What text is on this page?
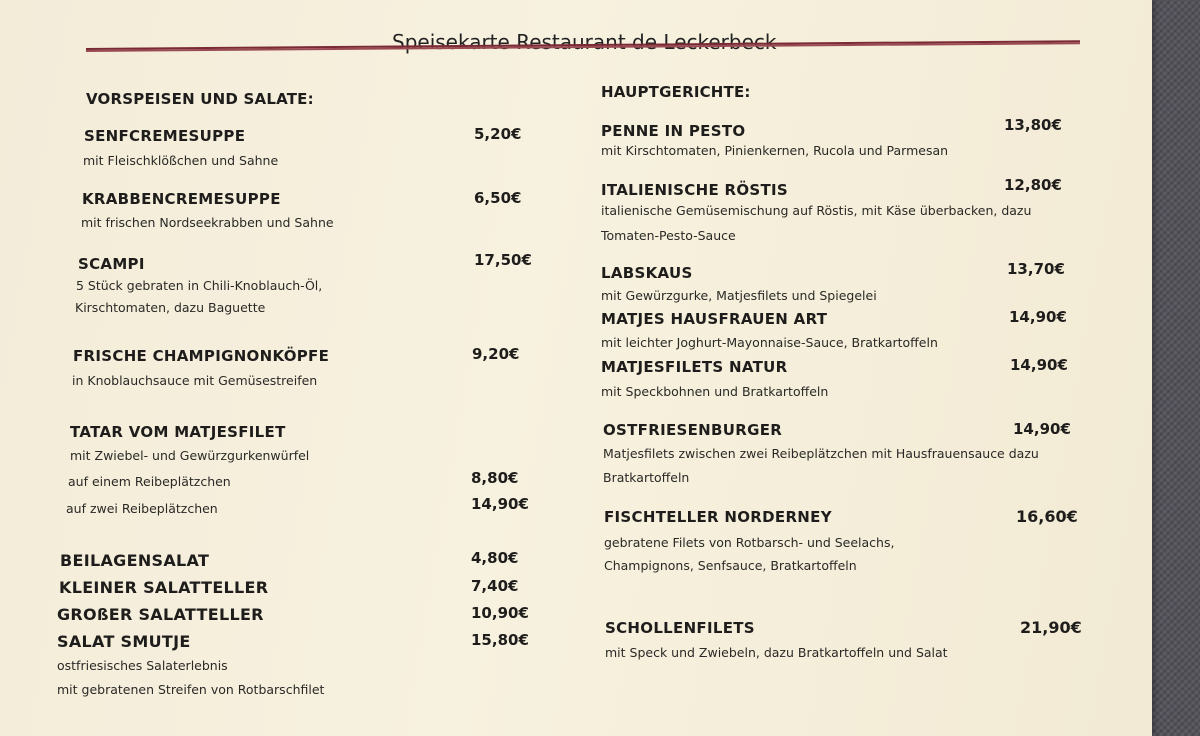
Speisekarte Restaurant de Leckerbeck
VORSPEISEN UND SALATE:
SENFCREMESUPPE	5,20€
mit Fleischklößchen und Sahne
KRABBENCREMESUPPE	6,50€
mit frischen Nordseekrabben und Sahne
SCAMPI	17,50€
5 Stück gebraten in Chili-Knoblauch-Öl,
Kirschtomaten, dazu Baguette
FRISCHE CHAMPIGNONKÖPFE	9,20€
in Knoblauchsauce mit Gemüsestreifen
TATAR VOM MATJESFILET
mit Zwiebel- und Gewürzgurkenwürfel
auf einem Reibeplätzchen	8,80€
auf zwei Reibeplätzchen	14,90€
BEILAGENSALAT	4,80€
KLEINER SALATTELLER	7,40€
GROßER SALATTELLER	10,90€
SALAT SMUTJE	15,80€
ostfriesisches Salaterlebnis
mit gebratenen Streifen von Rotbarschfilet
HAUPTGERICHTE:
PENNE IN PESTO	13,80€
mit Kirschtomaten, Pinienkernen, Rucola und Parmesan
ITALIENISCHE RÖSTIS	12,80€
italienische Gemüsemischung auf Röstis, mit Käse überbacken, dazu
Tomaten-Pesto-Sauce
LABSKAUS	13,70€
mit Gewürzgurke, Matjesfilets und Spiegelei
MATJES HAUSFRAUEN ART	14,90€
mit leichter Joghurt-Mayonnaise-Sauce, Bratkartoffeln
MATJESFILETS NATUR	14,90€
mit Speckbohnen und Bratkartoffeln
OSTFRIESENBURGER	14,90€
Matjesfilets zwischen zwei Reibeplätzchen mit Hausfrauensauce dazu
Bratkartoffeln
FISCHTELLER NORDERNEY	16,60€
gebratene Filets von Rotbarsch- und Seelachs,
Champignons, Senfsauce, Bratkartoffeln
SCHOLLENFILETS	21,90€
mit Speck und Zwiebeln, dazu Bratkartoffeln und Salat
